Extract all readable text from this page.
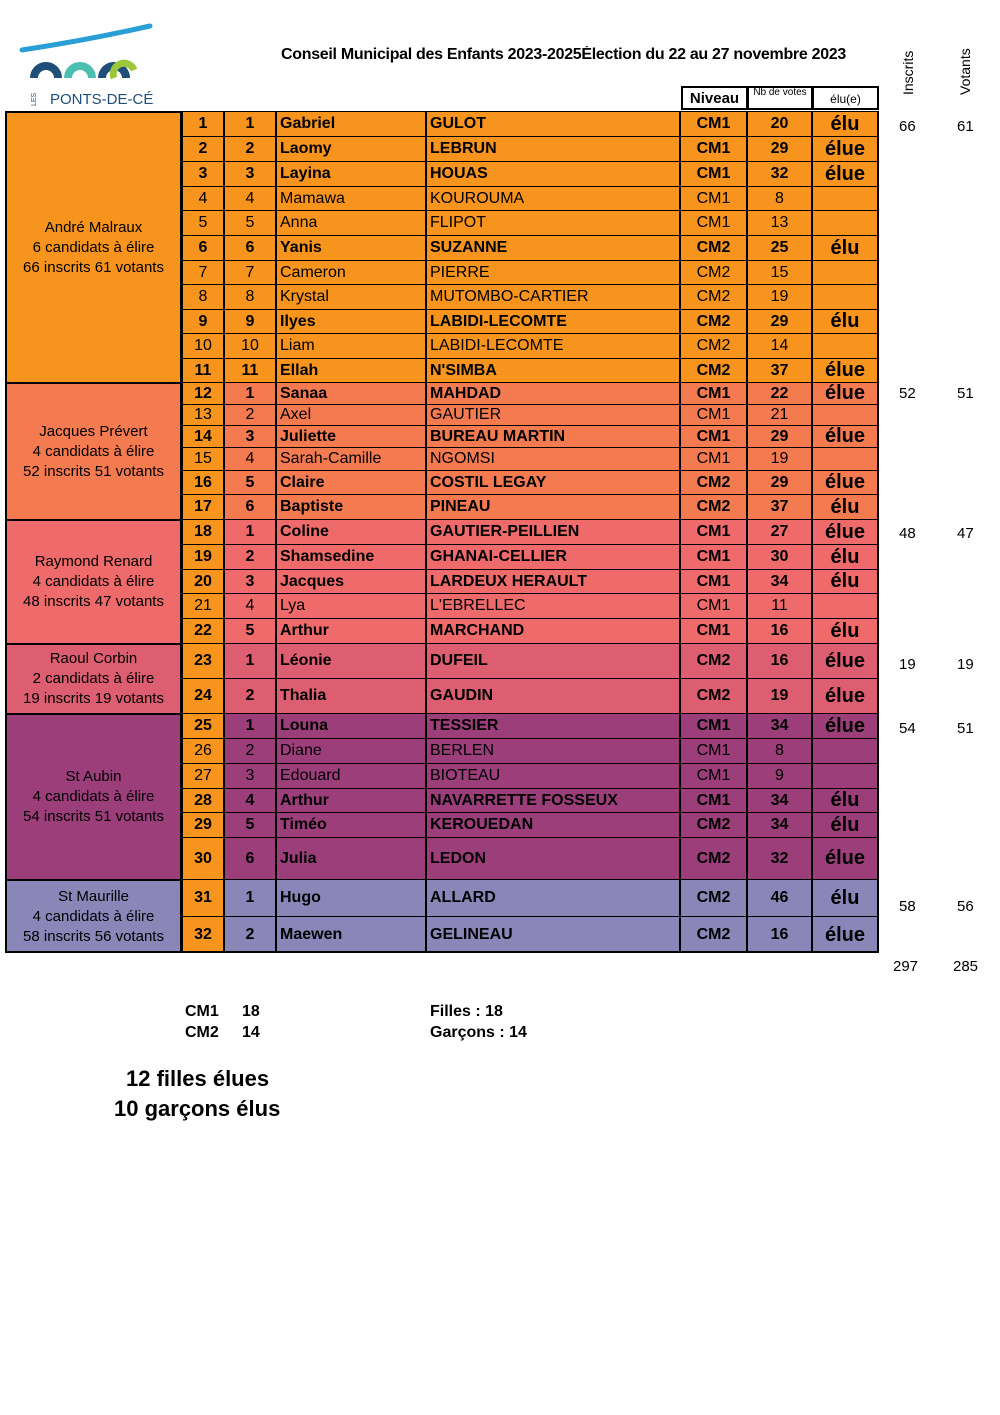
PONTS-DE-CÉ
LES
Conseil Municipal des Enfants 2023-2025Élection du 22 au 27 novembre 2023	Inscrits	Votants
Niveau	Nb de votes	élu(e)
André Malraux
6 candidats à élire
66 inscrits 61 votants
66	61
Jacques Prévert
4 candidats à élire
52 inscrits 51 votants
52	51
Raymond Renard
4 candidats à élire
48 inscrits 47 votants
48	47
Raoul Corbin
2 candidats à élire
19 inscrits 19 votants
19	19
St Aubin
4 candidats à élire
54 inscrits 51 votants
54	51
St Maurille
4 candidats à élire
58 inscrits 56 votants
58	56
1	1	Gabriel	GULOT	CM1	20	élu
2	2	Laomy	LEBRUN	CM1	29	élue
3	3	Layina	HOUAS	CM1	32	élue
4	4	Mamawa	KOUROUMA	CM1	8
5	5	Anna	FLIPOT	CM1	13
6	6	Yanis	SUZANNE	CM2	25	élu
7	7	Cameron	PIERRE	CM2	15
8	8	Krystal	MUTOMBO-CARTIER	CM2	19
9	9	Ilyes	LABIDI-LECOMTE	CM2	29	élu
10	10	Liam	LABIDI-LECOMTE	CM2	14
11	11	Ellah	N'SIMBA	CM2	37	élue
12	1	Sanaa	MAHDAD	CM1	22	élue
13	2	Axel	GAUTIER	CM1	21
14	3	Juliette	BUREAU MARTIN	CM1	29	élue
15	4	Sarah-Camille	NGOMSI	CM1	19
16	5	Claire	COSTIL LEGAY	CM2	29	élue
17	6	Baptiste	PINEAU	CM2	37	élu
18	1	Coline	GAUTIER-PEILLIEN	CM1	27	élue
19	2	Shamsedine	GHANAI-CELLIER	CM1	30	élu
20	3	Jacques	LARDEUX HERAULT	CM1	34	élu
21	4	Lya	L'EBRELLEC	CM1	11
22	5	Arthur	MARCHAND	CM1	16	élu
23	1	Léonie	DUFEIL	CM2	16	élue
24	2	Thalia	GAUDIN	CM2	19	élue
25	1	Louna	TESSIER	CM1	34	élue
26	2	Diane	BERLEN	CM1	8
27	3	Edouard	BIOTEAU	CM1	9
28	4	Arthur	NAVARRETTE FOSSEUX	CM1	34	élu
29	5	Timéo	KEROUEDAN	CM2	34	élu
30	6	Julia	LEDON	CM2	32	élue
31	1	Hugo	ALLARD	CM2	46	élu
32	2	Maewen	GELINEAU	CM2	16	élue
297 285
CM1 18
CM2 14
Filles : 18
Garçons : 14
12 filles élues
10 garçons élus
